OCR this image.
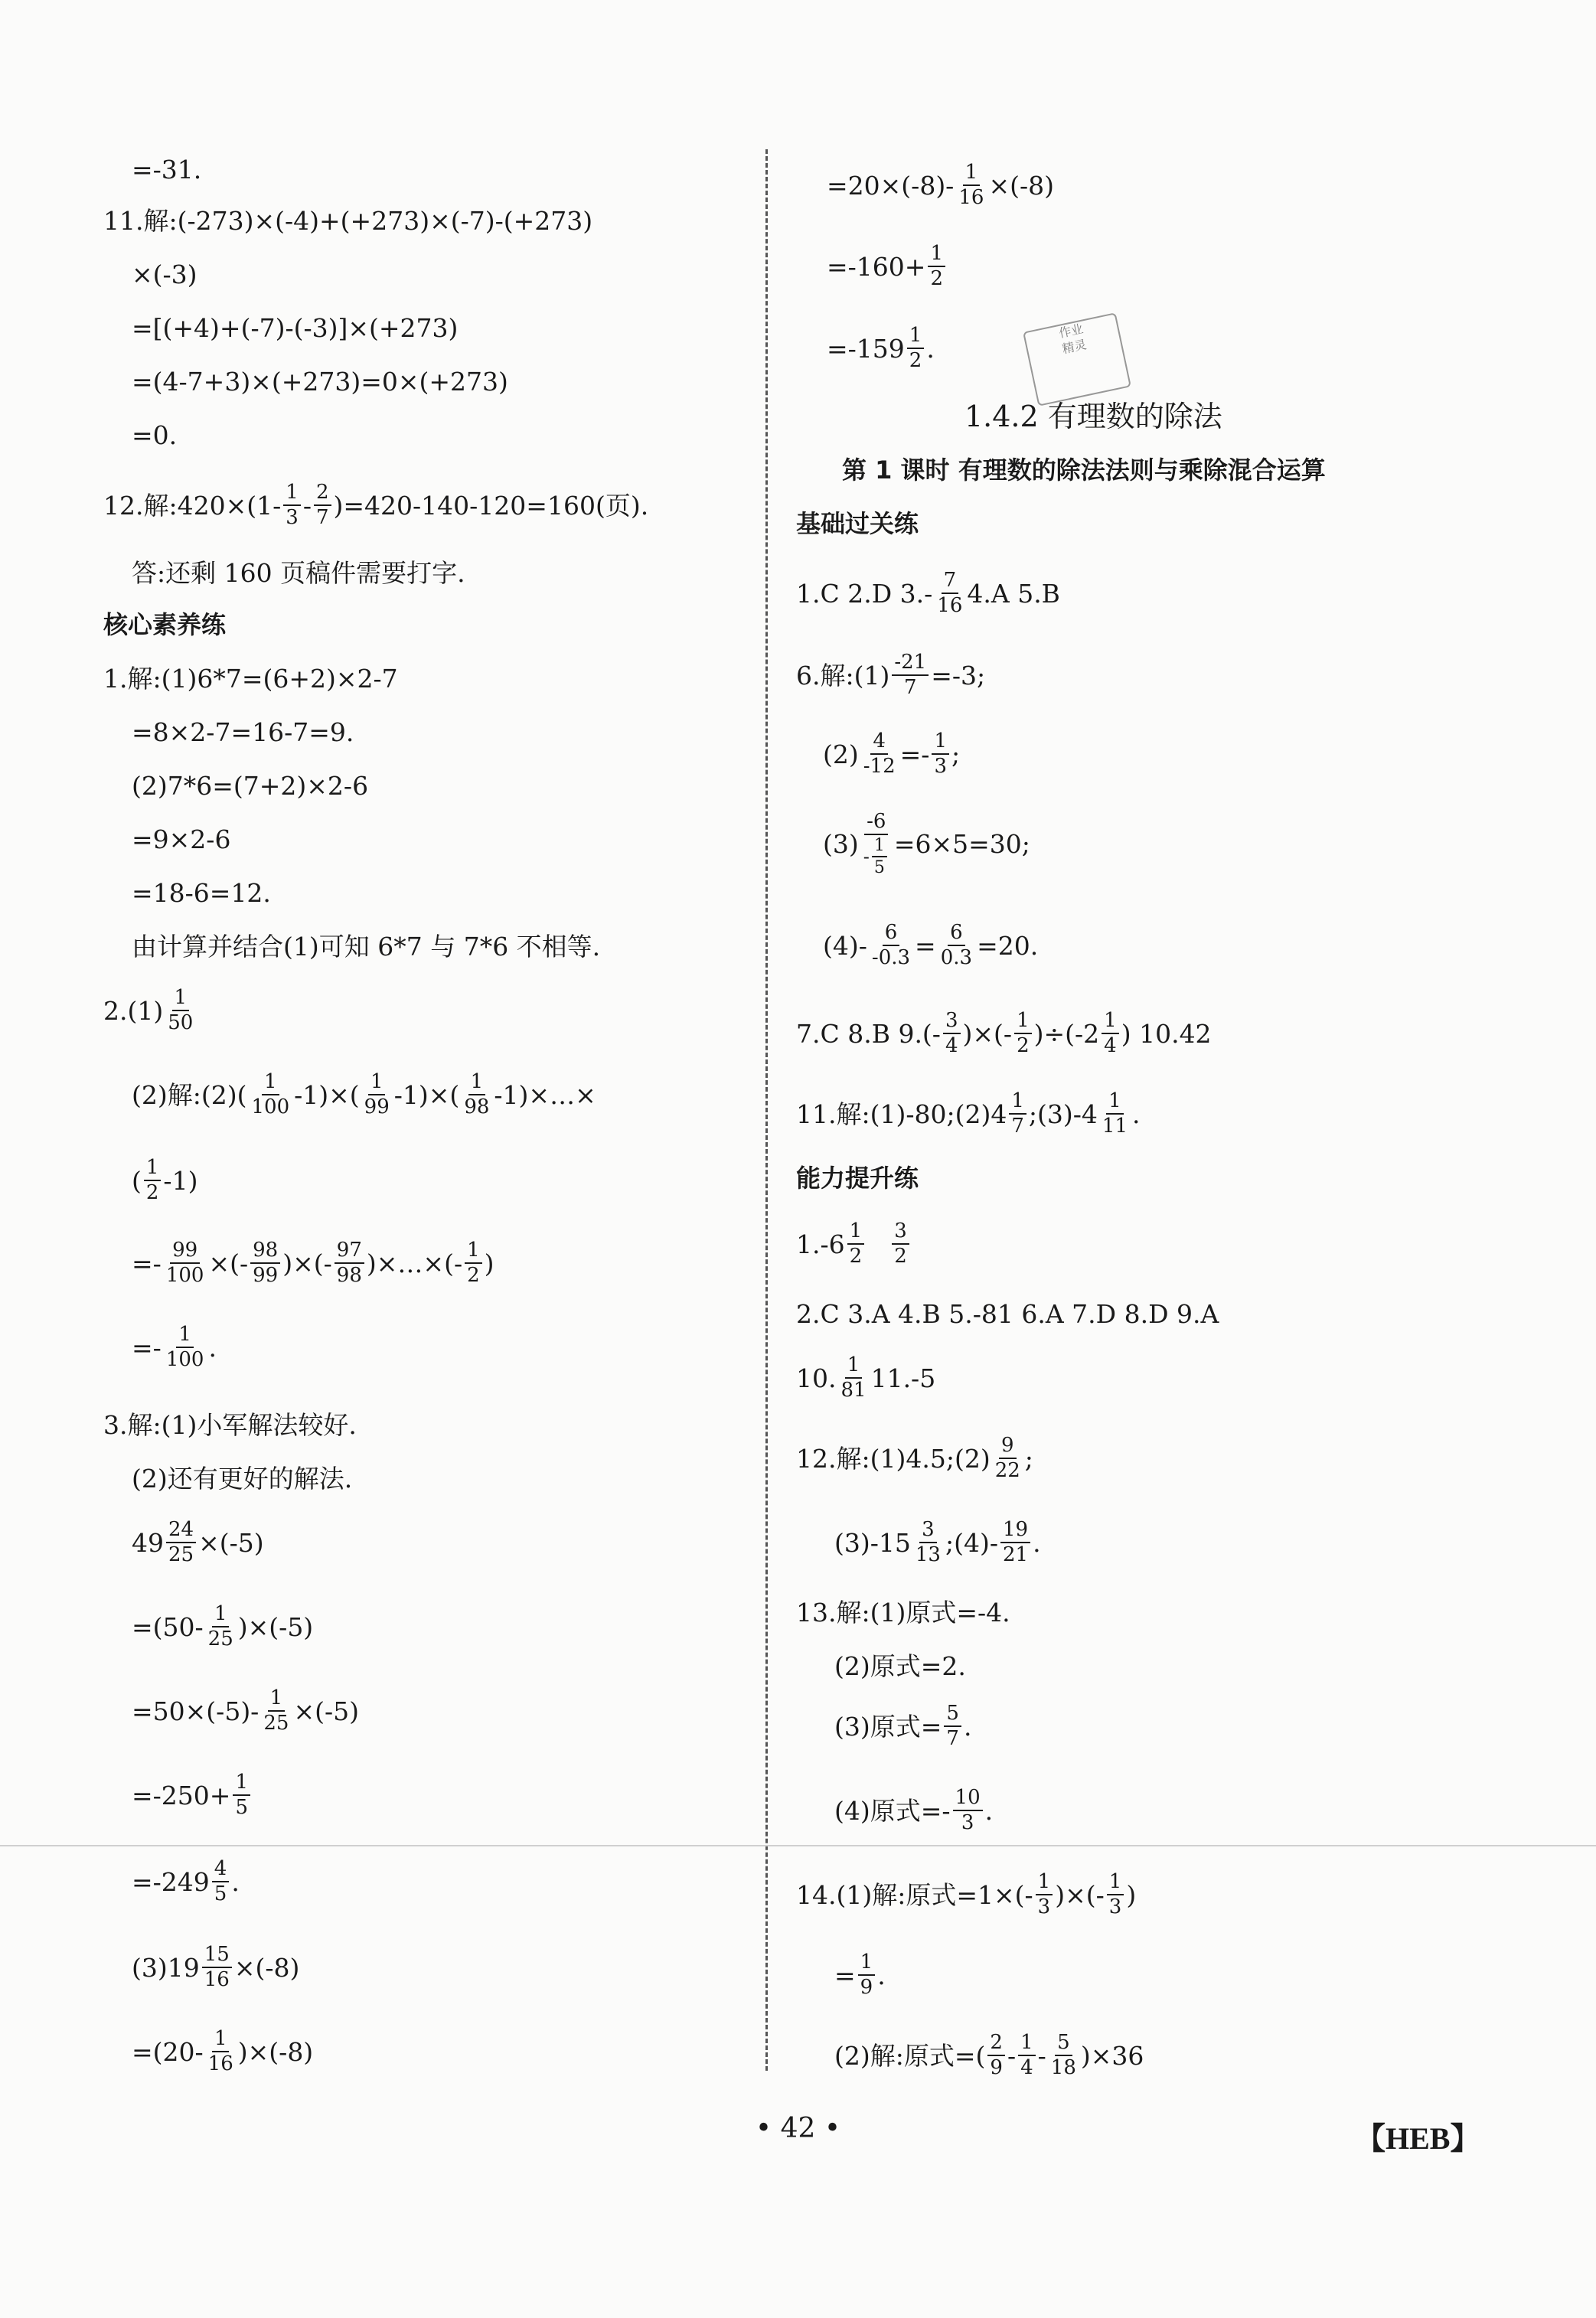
=-31.
11.解:(-273)×(-4)+(+273)×(-7)-(+273)
×(-3)
=[(+4)+(-7)-(-3)]×(+273)
=(4-7+3)×(+273)=0×(+273)
=0.
12.解:420×(1- 1
3 - 2
7 )=420-140-120=160(页).
答:还剩 160 页稿件需要打字.
核心素养练
1.解:(1)6*7=(6+2)×2-7
=8×2-7=16-7=9.
(2)7*6=(7+2)×2-6
=9×2-6
=18-6=12.
由计算并结合(1)可知 6*7 与 7*6 不相等.
2.(1) 1
50
(2)解:(2)( 1
100 -1)×( 1
99 -1)×( 1
98 -1)×…×
( 1
2 -1)
=- $\frac{99}{100}$ ×(- 98
99 )×(- 97
98 )×…×(- 1
2 )
=- 1
100 .
3.解:(1)小军解法较好.
(2)还有更好的解法.
$49 \frac{24}{25} \times(-5)$
=(50- 1
25 )×(-5)
$=50\times(-5)- \frac{1}{25} \times(-5)$
$=-250+ \frac{1}{5}$
=-249 4
5 .
$(3)19 \frac{15}{16} \times(-8)$
=(20- 1
16 )×(-8)
$=20\times(-8)- \frac{1}{16} \times(-8)$
$=-160+ \frac{1}{2}$
=-159 1
2 .
作业
精灵
1.4.2 有理数的除法
第 1 课时 有理数的除法法则与乘除混合运算
基础过关练
1.C 2.D 3.- 7
16 4.A 5.B
6.解:(1) $\frac{-21}{7} =-3$;
$(2) \frac{4}{-12} =- 1$
3 ;
(3) -6
- 1
5 =6×5=30;
$(4)- \frac{6}{-0.3} = \frac{6}{0.3} =20$.
7.C 8.B 9.(- 3
4 )×(- 1
2 )÷(-2 1
4 ) 10.42
11.解:(1)-80;(2)4 1
7 ;(3)-4 1
11 .
能力提升练
1.-6 1
2
3
2
2.C 3.A 4.B 5.-81 6.A 7.D 8.D 9.A
10. 1
81 11.-5
12.解:(1)4.5;(2) 9
22 ;
(3)-15 3
13 ;(4)- 19
21 .
13.解:(1)原式=-4.
(2)原式=2.
(3)原式= $\frac{5}{7}$ .
(4)原式=- 10
3 .
14.(1)解:原式=1×(- 1
3 )×(- 1
3 )
= $\frac{1}{9}$ .
(2)解:原式=( 2
9 - 1
4 - 5
18 )×36
• 42 •	【HEB】
